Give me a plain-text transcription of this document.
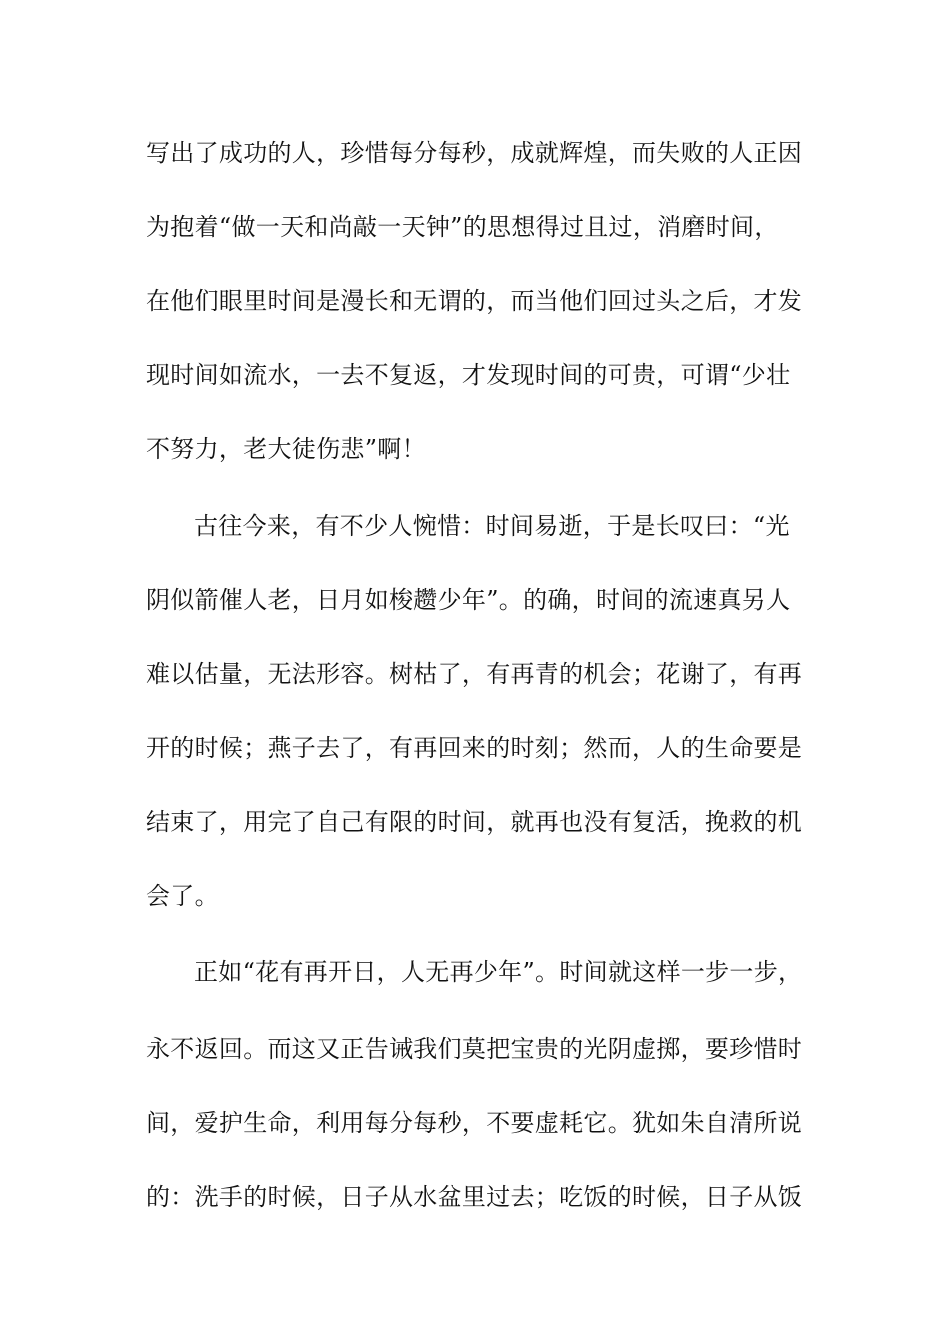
写出了成功的人，珍惜每分每秒，成就辉煌，而失败的人正因
为抱着“做一天和尚敲一天钟”的思想得过且过，消磨时间，
在他们眼里时间是漫长和无谓的，而当他们回过头之后，才发
现时间如流水，一去不复返，才发现时间的可贵，可谓“少壮
不努力，老大徒伤悲”啊！
古往今来，有不少人惋惜：时间易逝，于是长叹曰：“光
阴似箭催人老，日月如梭趱少年”。的确，时间的流速真另人
难以估量，无法形容。树枯了，有再青的机会；花谢了，有再
开的时候；燕子去了，有再回来的时刻；然而，人的生命要是
结束了，用完了自己有限的时间，就再也没有复活，挽救的机
会了。
正如“花有再开日，人无再少年”。时间就这样一步一步，
永不返回。而这又正告诫我们莫把宝贵的光阴虚掷，要珍惜时
间，爱护生命，利用每分每秒，不要虚耗它。犹如朱自清所说
的：洗手的时候，日子从水盆里过去；吃饭的时候，日子从饭
